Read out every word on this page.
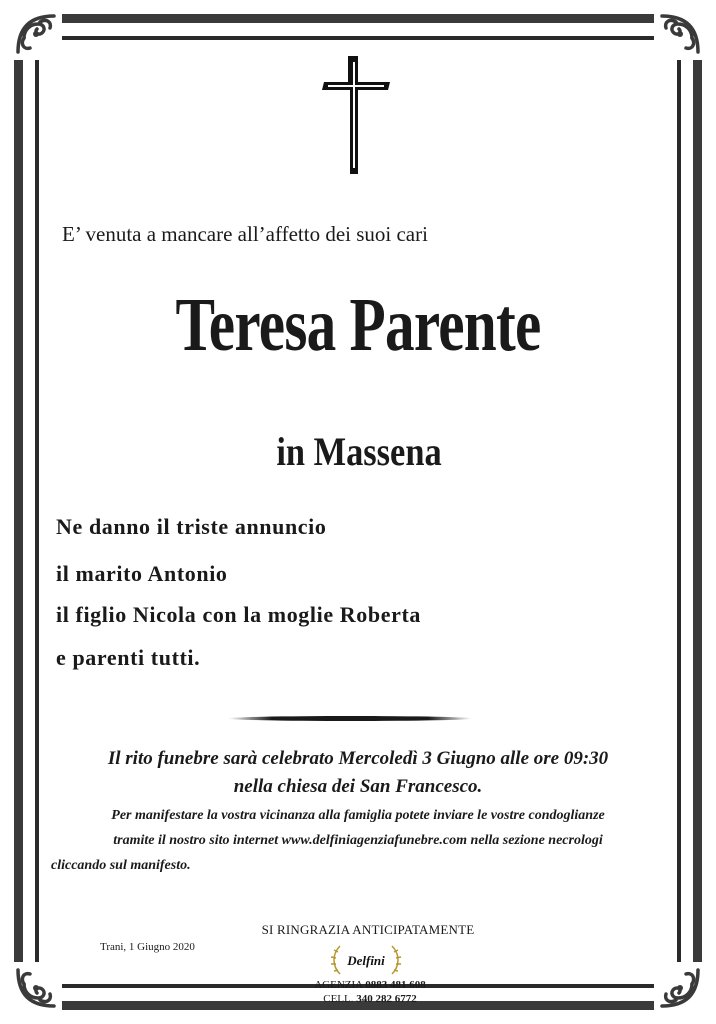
E’ venuta a mancare all’affetto dei suoi cari
Teresa Parente
in Massena
Ne danno il triste annuncio
il marito Antonio
il figlio Nicola con la moglie Roberta
e parenti tutti.
Il rito funebre sarà celebrato Mercoledì 3 Giugno alle ore 09:30
nella chiesa dei San Francesco.
Per manifestare la vostra vicinanza alla famiglia potete inviare le vostre condoglianze
tramite il nostro sito internet www.delfiniagenziafunebre.com nella sezione necrologi
cliccando sul manifesto.
SI RINGRAZIA ANTICIPATAMENTE
Trani, 1 Giugno 2020
Delfini
AGENZIA 0883 481 608
CELL. 340 282 6772
